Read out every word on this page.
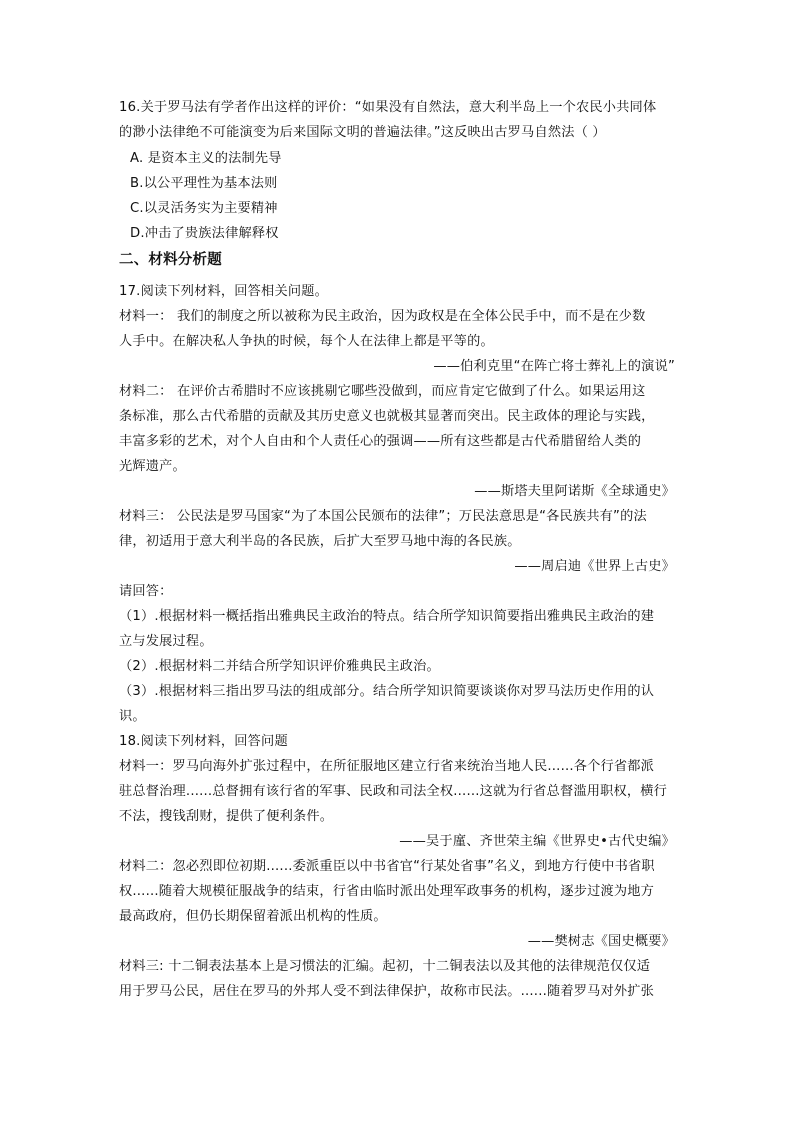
16.关于罗马法有学者作出这样的评价：“如果没有自然法，意大利半岛上一个农民小共同体
的渺小法律绝不可能演变为后来国际文明的普遍法律。”这反映出古罗马自然法（ ）
A. 是资本主义的法制先导
B.以公平理性为基本法则
C.以灵活务实为主要精神
D.冲击了贵族法律解释权
二、材料分析题
17.阅读下列材料，回答相关问题。
材料一： 我们的制度之所以被称为民主政治，因为政权是在全体公民手中，而不是在少数
人手中。在解决私人争执的时候，每个人在法律上都是平等的。
——伯利克里“在阵亡将士葬礼上的演说”
材料二： 在评价古希腊时不应该挑剔它哪些没做到，而应肯定它做到了什么。如果运用这
条标准，那么古代希腊的贡献及其历史意义也就极其显著而突出。民主政体的理论与实践，
丰富多彩的艺术，对个人自由和个人责任心的强调——所有这些都是古代希腊留给人类的
光辉遗产。
——斯塔夫里阿诺斯《全球通史》
材料三： 公民法是罗马国家“为了本国公民颁布的法律”；万民法意思是“各民族共有”的法
律，初适用于意大利半岛的各民族，后扩大至罗马地中海的各民族。
——周启迪《世界上古史》
请回答：
（1）.根据材料一概括指出雅典民主政治的特点。结合所学知识简要指出雅典民主政治的建
立与发展过程。
（2）.根据材料二并结合所学知识评价雅典民主政治。
（3）.根据材料三指出罗马法的组成部分。结合所学知识简要谈谈你对罗马法历史作用的认
识。
18.阅读下列材料，回答问题
材料一：罗马向海外扩张过程中，在所征服地区建立行省来统治当地人民......各个行省都派
驻总督治理......总督拥有该行省的军事、民政和司法全权......这就为行省总督滥用职权，横行
不法，搜钱刮财，提供了便利条件。
——吴于廑、齐世荣主编《世界史•古代史编》
材料二：忽必烈即位初期......委派重臣以中书省官“行某处省事”名义，到地方行使中书省职
权......随着大规模征服战争的结束，行省由临时派出处理军政事务的机构，逐步过渡为地方
最高政府，但仍长期保留着派出机构的性质。
——樊树志《国史概要》
材料三: 十二铜表法基本上是习惯法的汇编。起初，十二铜表法以及其他的法律规范仅仅适
用于罗马公民，居住在罗马的外邦人受不到法律保护，故称市民法。......随着罗马对外扩张
